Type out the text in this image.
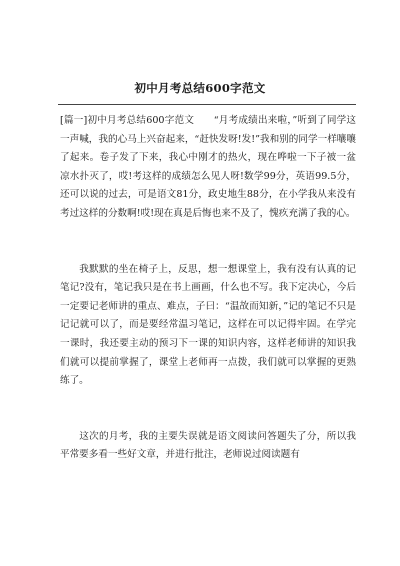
初中月考总结600字范文

[篇一]初中月考总结600字范文　　“月考成绩出来啦，”听到了同学这一声喊，我的心马上兴奋起来，“赶快发呀!发!”我和别的同学一样嚷嚷了起来。卷子发了下来，我心中刚才的热火，现在哗啦一下子被一盆凉水扑灭了，哎!考这样的成绩怎么见人呀!数学99分，英语99.5分，还可以说的过去，可是语文81分，政史地生88分，在小学我从来没有考过这样的分数啊!哎!现在真是后悔也来不及了，愧疚充满了我的心。

我默默的坐在椅子上，反思，想一想课堂上，我有没有认真的记笔记?没有，笔记我只是在书上画画，什么也不写。我下定决心，今后一定要记老师讲的重点、难点，子曰：“温故而知新，”记的笔记不只是记记就可以了，而是要经常温习笔记，这样在可以记得牢固。在学完一课时，我还要主动的预习下一课的知识内容，这样老师讲的知识我们就可以提前掌握了，课堂上老师再一点拨，我们就可以掌握的更熟练了。

这次的月考，我的主要失误就是语文阅读问答题失了分，所以我平常要多看一些好文章，并进行批注，老师说过阅读题有
